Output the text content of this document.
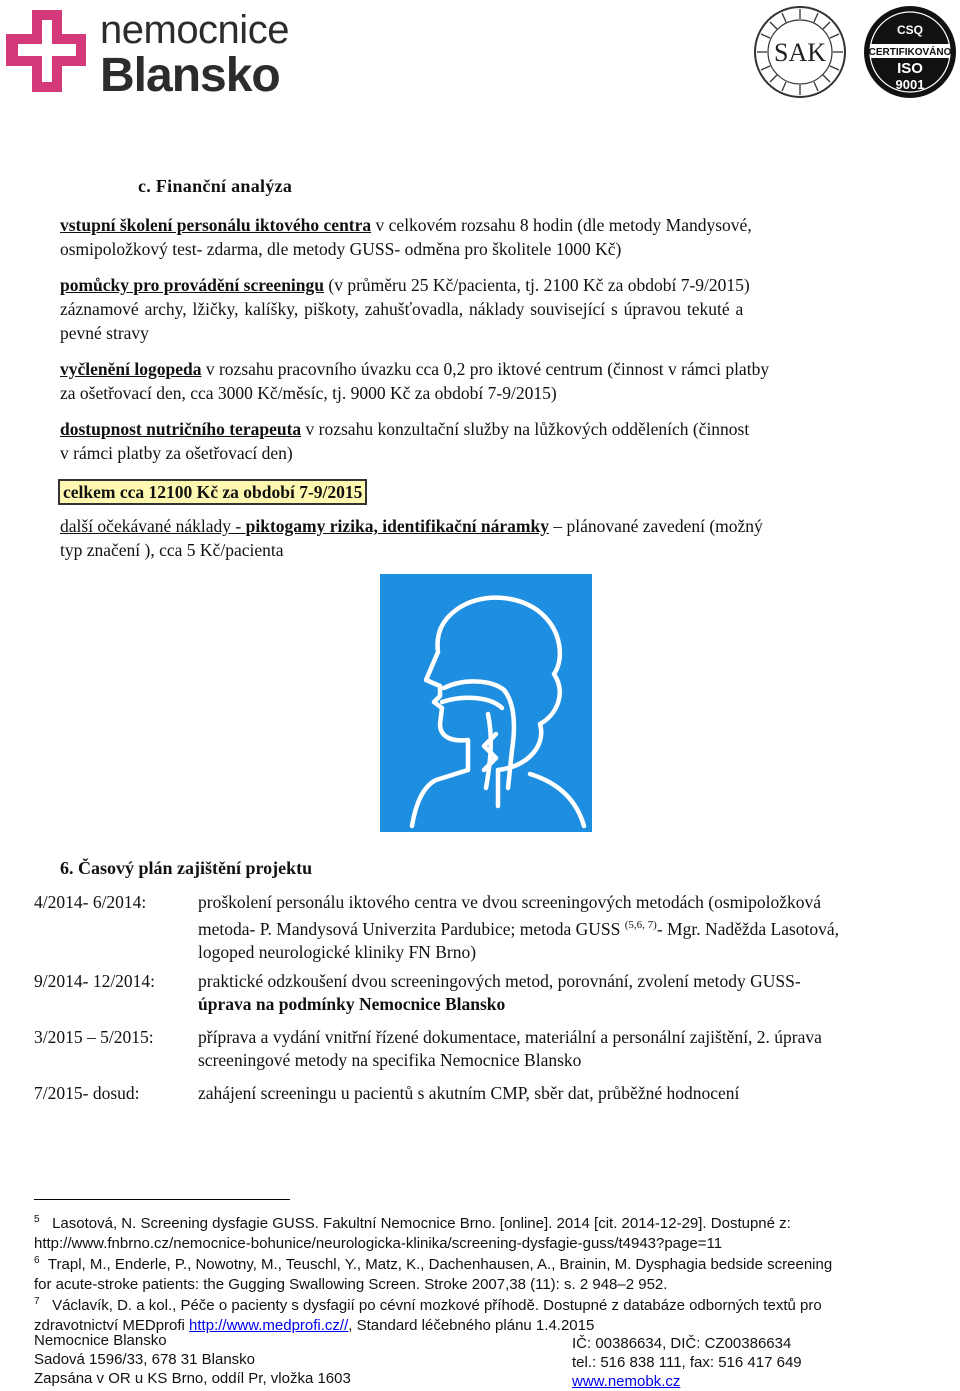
nemocnice
Blansko	SAK
CSQ
CERTIFIKOVÁNO
ISO
9001
c. Finanční analýza
vstupní školení personálu iktového centra v celkovém rozsahu 8 hodin (dle metody Mandysové,
osmipoložkový test- zdarma, dle metody GUSS- odměna pro školitele 1000 Kč)
pomůcky pro provádění screeningu (v průměru 25 Kč/pacienta, tj. 2100 Kč za období 7-9/2015)
záznamové archy, lžičky, kalíšky, piškoty, zahušťovadla, náklady související s úpravou tekuté a
pevné stravy
vyčlenění logopeda v rozsahu pracovního úvazku cca 0,2 pro iktové centrum (činnost v rámci platby
za ošetřovací den, cca 3000 Kč/měsíc, tj. 9000 Kč za období 7-9/2015)
dostupnost nutričního terapeuta v rozsahu konzultační služby na lůžkových odděleních (činnost
v rámci platby za ošetřovací den)
celkem cca 12100 Kč za období 7-9/2015
další očekávané náklady - piktogamy rizika, identifikační náramky – plánované zavedení (možný
typ značení ), cca 5 Kč/pacienta
6. Časový plán zajištění projektu
4/2014- 6/2014:	proškolení personálu iktového centra ve dvou screeningových metodách (osmipoložková
metoda- P. Mandysová Univerzita Pardubice; metoda GUSS $^{(5,6, 7)}$- Mgr. Naděžda Lasotová,
logoped neurologické kliniky FN Brno)
9/2014- 12/2014: praktické odzkoušení dvou screeningových metod, porovnání, zvolení metody GUSS-
úprava na podmínky Nemocnice Blansko
3/2015 – 5/2015:	příprava a vydání vnitřní řízené dokumentace, materiální a personální zajištění, 2. úprava
screeningové metody na specifika Nemocnice Blansko
7/2015- dosud:	zahájení screeningu u pacientů s akutním CMP, sběr dat, průběžné hodnocení
$^5$ Lasotová, N. Screening dysfagie GUSS. Fakultní Nemocnice Brno. [online]. 2014 [cit. 2014-12-29]. Dostupné z:
http://www.fnbrno.cz/nemocnice-bohunice/neurologicka-klinika/screening-dysfagie-guss/t4943?page=11
$^6$ Trapl, M., Enderle, P., Nowotny, M., Teuschl, Y., Matz, K., Dachenhausen, A., Brainin, M. Dysphagia bedside screening
for acute-stroke patients: the Gugging Swallowing Screen. Stroke 2007,38 (11): s. 2 948–2 952.
$^7$ Václavík, D. a kol., Péče o pacienty s dysfagií po cévní mozkové příhodě. Dostupné z databáze odborných textů pro
zdravotnictví MEDprofi http://www.medprofi.cz//, Standard léčebného plánu 1.4.2015
Nemocnice Blansko
Sadová 1596/33, 678 31 Blansko
Zapsána v OR u KS Brno, oddíl Pr, vložka 1603
IČ: 00386634, DIČ: CZ00386634
tel.: 516 838 111, fax: 516 417 649
www.nemobk.cz
